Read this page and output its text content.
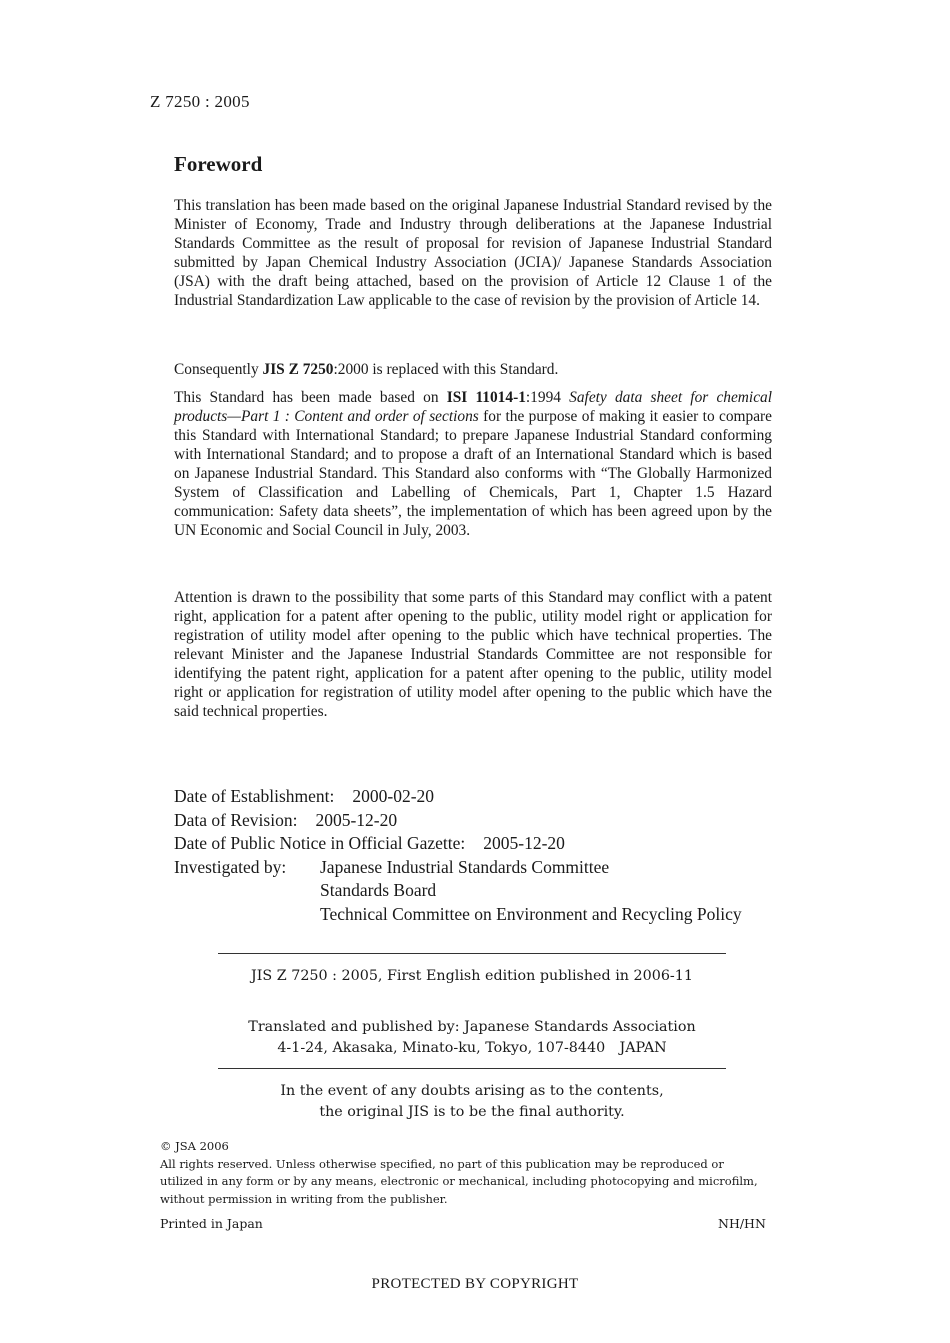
Z 7250 : 2005
Foreword
This translation has been made based on the original Japanese Industrial Standard revised by the Minister of Economy, Trade and Industry through deliberations at the Japanese Industrial Standards Committee as the result of proposal for revision of Japanese Industrial Standard submitted by Japan Chemical Industry Association (JCIA)/ Japanese Standards Association (JSA) with the draft being attached, based on the provision of Article 12 Clause 1 of the Industrial Standardization Law applicable to the case of revision by the provision of Article 14.
Consequently JIS Z 7250:2000 is replaced with this Standard.
This Standard has been made based on ISI 11014-1:1994 Safety data sheet for chemical products—Part 1 : Content and order of sections for the purpose of making it easier to compare this Standard with International Standard; to prepare Japanese Industrial Standard conforming with International Standard; and to propose a draft of an International Standard which is based on Japanese Industrial Standard. This Standard also conforms with “The Globally Harmonized System of Classification and Labelling of Chemicals, Part 1, Chapter 1.5 Hazard communication: Safety data sheets”, the implementation of which has been agreed upon by the UN Economic and Social Council in July, 2003.
Attention is drawn to the possibility that some parts of this Standard may conflict with a patent right, application for a patent after opening to the public, utility model right or application for registration of utility model after opening to the public which have technical properties. The relevant Minister and the Japanese Industrial Standards Committee are not responsible for identifying the patent right, application for a patent after opening to the public, utility model right or application for registration of utility model after opening to the public which have the said technical properties.
Date of Establishment: 2000-02-20
Data of Revision: 2005-12-20
Date of Public Notice in Official Gazette: 2005-12-20
Investigated by:	Japanese Industrial Standards Committee
Standards Board
Technical Committee on Environment and Recycling Policy
JIS Z 7250 : 2005, First English edition published in 2006-11
Translated and published by: Japanese Standards Association
4-1-24, Akasaka, Minato-ku, Tokyo, 107-8440 JAPAN
In the event of any doubts arising as to the contents,
the original JIS is to be the final authority.
© JSA 2006
All rights reserved. Unless otherwise specified, no part of this publication may be reproduced or utilized in any form or by any means, electronic or mechanical, including photocopying and microfilm, without permission in writing from the publisher.
Printed in Japan	NH/HN
PROTECTED BY COPYRIGHT
